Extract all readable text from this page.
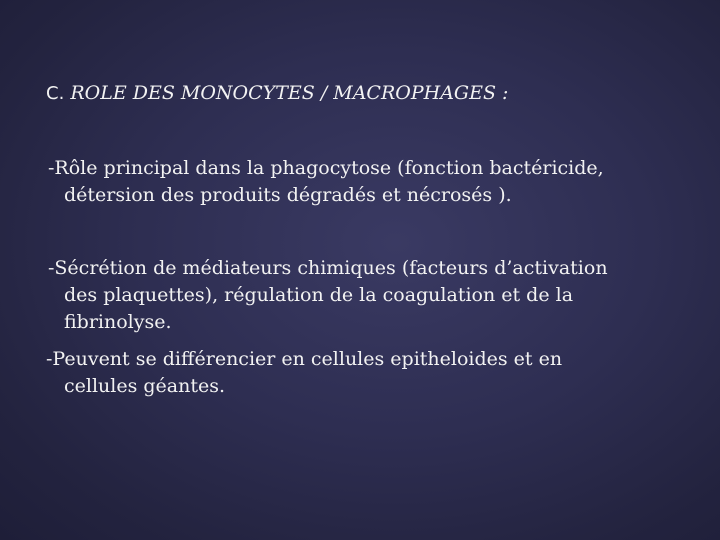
C. ROLE DES MONOCYTES / MACROPHAGES :
-Rôle principal dans la phagocytose (fonction bactéricide,
détersion des produits dégradés et nécrosés ).
-Sécrétion de médiateurs chimiques (facteurs d’activation
des plaquettes), régulation de la coagulation et de la
fibrinolyse.
-Peuvent se différencier en cellules epitheloides et en
cellules géantes.
